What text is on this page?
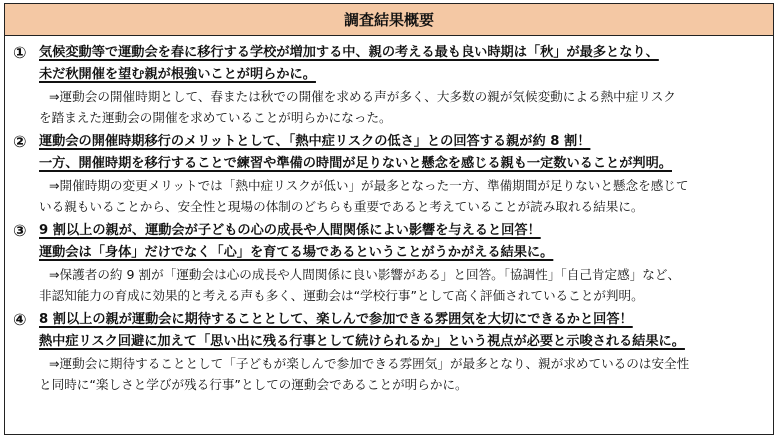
調査結果概要
① 気候変動等で運動会を春に移行する学校が増加する中、親の考える最も良い時期は「秋」が最多となり、
未だ秋開催を望む親が根強いことが明らかに。
⇒運動会の開催時期として、春または秋での開催を求める声が多く、大多数の親が気候変動による熱中症リスク
を踏まえた運動会の開催を求めていることが明らかになった。
② 運動会の開催時期移行のメリットとして、「熱中症リスクの低さ」との回答する親が約 8 割！
一方、開催時期を移行することで練習や準備の時間が足りないと懸念を感じる親も一定数いることが判明。
⇒開催時期の変更メリットでは「熱中症リスクが低い」が最多となった一方、準備期間が足りないと懸念を感じて
いる親もいることから、安全性と現場の体制のどちらも重要であると考えていることが読み取れる結果に。
③ 9 割以上の親が、運動会が子どもの心の成長や人間関係によい影響を与えると回答！
運動会は「身体」だけでなく「心」を育てる場であるということがうかがえる結果に。
⇒保護者の約 9 割が「運動会は心の成長や人間関係に良い影響がある」と回答。「協調性」「自己肯定感」など、
非認知能力の育成に効果的と考える声も多く、運動会は“学校行事”として高く評価されていることが判明。
④ 8 割以上の親が運動会に期待することとして、楽しんで参加できる雰囲気を大切にできるかと回答！
熱中症リスク回避に加えて「思い出に残る行事として続けられるか」という視点が必要と示唆される結果に。
⇒運動会に期待することとして「子どもが楽しんで参加できる雰囲気」が最多となり、親が求めているのは安全性
と同時に“楽しさと学びが残る行事”としての運動会であることが明らかに。
